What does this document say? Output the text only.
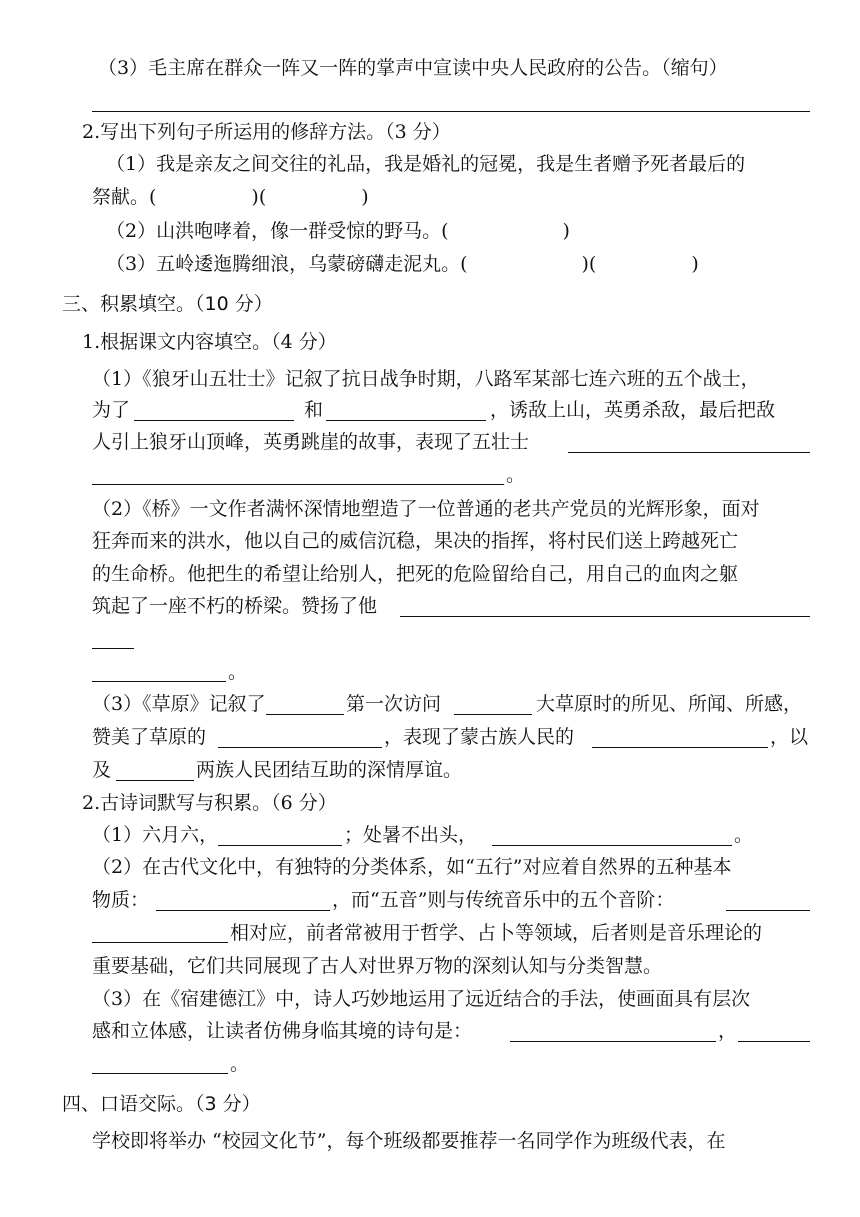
（3）毛主席在群众一阵又一阵的掌声中宣读中央人民政府的公告。（缩句）
2.写出下列句子所运用的修辞方法。（3 分）
（1）我是亲友之间交往的礼品，我是婚礼的冠冕，我是生者赠予死者最后的
祭献。(　　　　　)(　　　　　)
（2）山洪咆哮着，像一群受惊的野马。(　　　　　　)
（3）五岭逶迤腾细浪，乌蒙磅礴走泥丸。(　　　　　　)(　　　　　)
三、积累填空。（10 分）
1.根据课文内容填空。（4 分）
（1）《狼牙山五壮士》记叙了抗日战争时期，八路军某部七连六班的五个战士，
为了	和	，诱敌上山，英勇杀敌，最后把敌
人引上狼牙山顶峰，英勇跳崖的故事，表现了五壮士
。
（2）《桥》一文作者满怀深情地塑造了一位普通的老共产党员的光辉形象，面对
狂奔而来的洪水，他以自己的威信沉稳，果决的指挥，将村民们送上跨越死亡
的生命桥。他把生的希望让给别人，把死的危险留给自己，用自己的血肉之躯
筑起了一座不朽的桥梁。赞扬了他
。
（3）《草原》记叙了	第一次访问	大草原时的所见、所闻、所感，
赞美了草原的	，表现了蒙古族人民的	，以
及	两族人民团结互助的深情厚谊。
2.古诗词默写与积累。（6 分）
（1）六月六，	；处暑不出头，	。
（2）在古代文化中，有独特的分类体系，如“五行”对应着自然界的五种基本
物质：	，而“五音”则与传统音乐中的五个音阶：
相对应，前者常被用于哲学、占卜等领域，后者则是音乐理论的
重要基础，它们共同展现了古人对世界万物的深刻认知与分类智慧。
（3）在《宿建德江》中，诗人巧妙地运用了远近结合的手法，使画面具有层次
感和立体感，让读者仿佛身临其境的诗句是：	，
。
四、口语交际。（3 分）
学校即将举办 “校园文化节”，每个班级都要推荐一名同学作为班级代表，在
